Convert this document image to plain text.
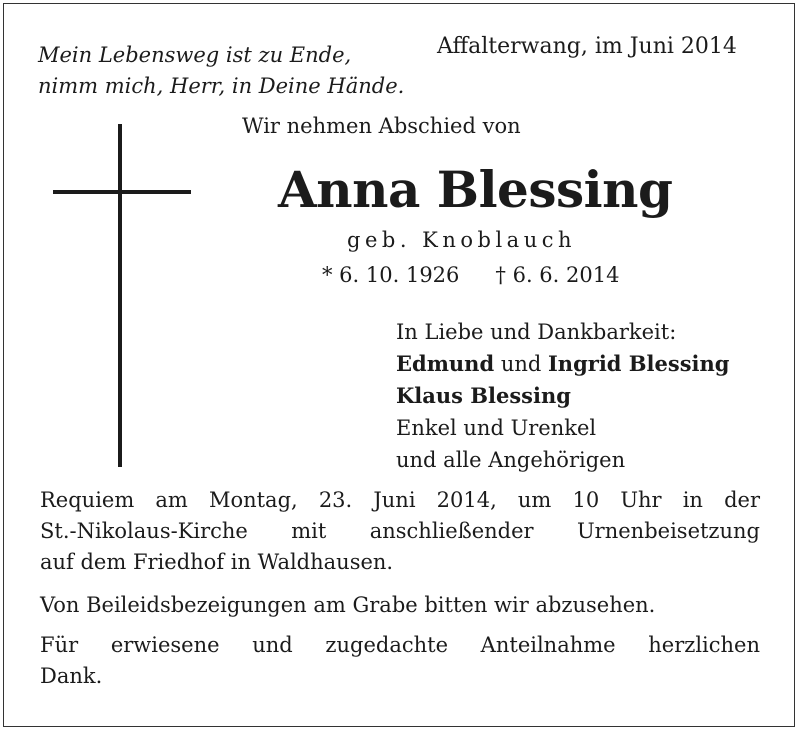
Mein Lebensweg ist zu Ende,
nimm mich, Herr, in Deine Hände.
Affalterwang, im Juni 2014
Wir nehmen Abschied von
Anna Blessing
geb. Knoblauch
* 6. 10. 1926 † 6. 6. 2014
In Liebe und Dankbarkeit:
Edmund und Ingrid Blessing
Klaus Blessing
Enkel und Urenkel
und alle Angehörigen
Requiem am Montag, 23. Juni 2014, um 10 Uhr in der
St.-Nikolaus-Kirche mit anschließender Urnenbeisetzung
auf dem Friedhof in Waldhausen.
Von Beileidsbezeigungen am Grabe bitten wir abzusehen.
Für erwiesene und zugedachte Anteilnahme herzlichen
Dank.
